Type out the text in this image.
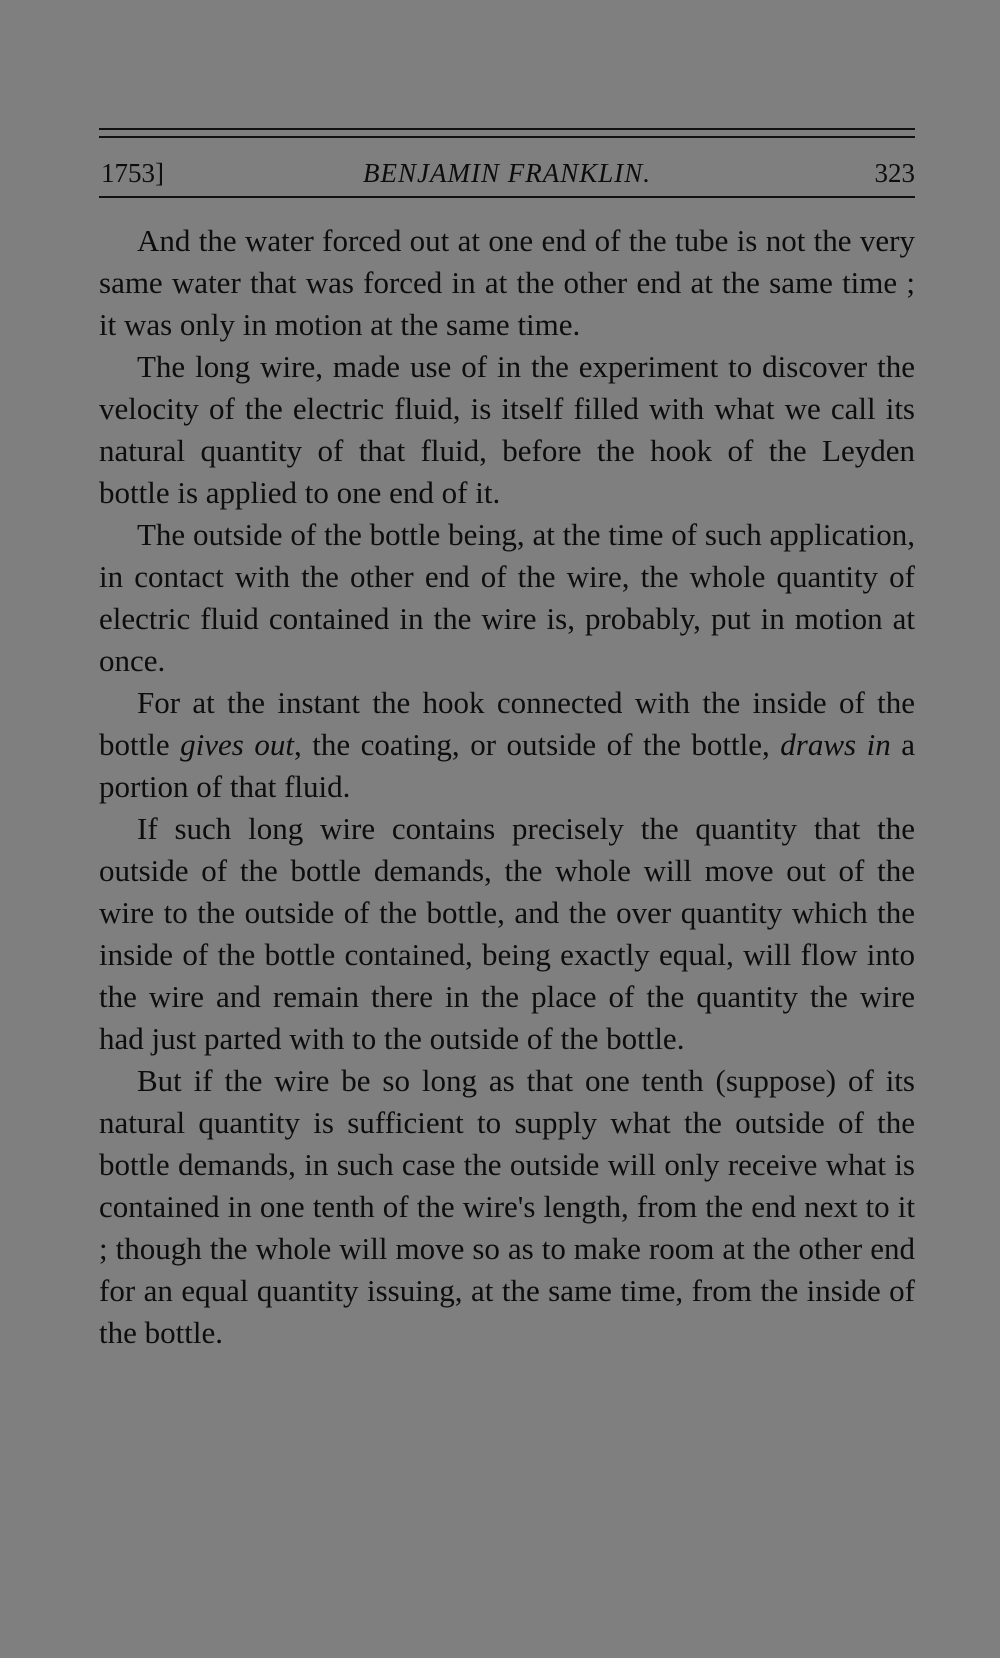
1753]	BENJAMIN FRANKLIN.	323

And the water forced out at one end of the tube is not the very same water that was forced in at the other end at the same time ; it was only in motion at the same time.

The long wire, made use of in the experiment to discover the velocity of the electric fluid, is itself filled with what we call its natural quantity of that fluid, before the hook of the Leyden bottle is applied to one end of it.

The outside of the bottle being, at the time of such application, in contact with the other end of the wire, the whole quantity of electric fluid contained in the wire is, probably, put in motion at once.

For at the instant the hook connected with the inside of the bottle gives out, the coating, or outside of the bottle, draws in a portion of that fluid.

If such long wire contains precisely the quantity that the outside of the bottle demands, the whole will move out of the wire to the outside of the bottle, and the over quantity which the inside of the bottle contained, being exactly equal, will flow into the wire and remain there in the place of the quantity the wire had just parted with to the outside of the bottle.

But if the wire be so long as that one tenth (suppose) of its natural quantity is sufficient to supply what the outside of the bottle demands, in such case the outside will only receive what is contained in one tenth of the wire's length, from the end next to it ; though the whole will move so as to make room at the other end for an equal quantity issuing, at the same time, from the inside of the bottle.
